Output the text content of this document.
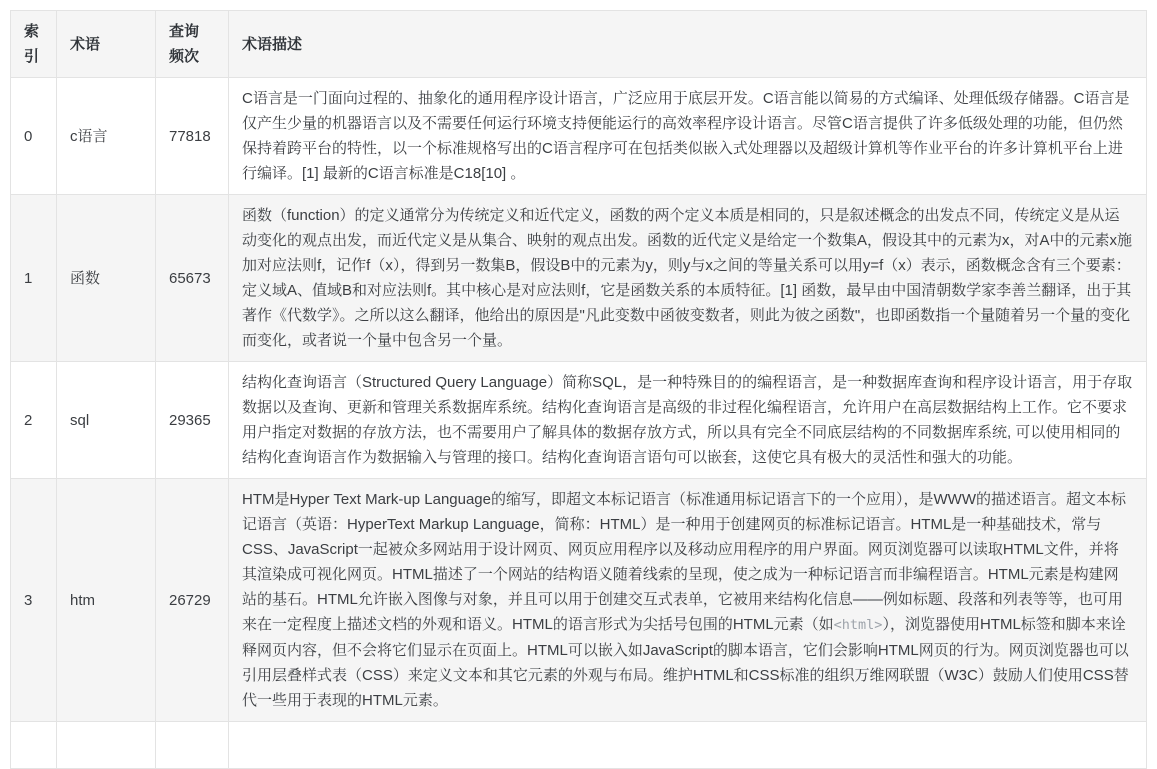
索引	术语	查询频次	术语描述
0	c语言	77818	C语言是一门面向过程的、抽象化的通用程序设计语言，广泛应用于底层开发。C语言能以简易的方式编译、处理低级存储器。C语言是仅产生少量的机器语言以及不需要任何运行环境支持便能运行的高效率程序设计语言。尽管C语言提供了许多低级处理的功能，但仍然保持着跨平台的特性，以一个标准规格写出的C语言程序可在包括类似嵌入式处理器以及超级计算机等作业平台的许多计算机平台上进行编译。[1] 最新的C语言标准是C18[10] 。
1	函数	65673	函数（function）的定义通常分为传统定义和近代定义，函数的两个定义本质是相同的，只是叙述概念的出发点不同，传统定义是从运动变化的观点出发，而近代定义是从集合、映射的观点出发。函数的近代定义是给定一个数集A，假设其中的元素为x，对A中的元素x施加对应法则f，记作f（x），得到另一数集B，假设B中的元素为y，则y与x之间的等量关系可以用y=f（x）表示，函数概念含有三个要素：定义域A、值域B和对应法则f。其中核心是对应法则f，它是函数关系的本质特征。[1] 函数，最早由中国清朝数学家李善兰翻译，出于其著作《代数学》。之所以这么翻译，他给出的原因是"凡此变数中函彼变数者，则此为彼之函数"，也即函数指一个量随着另一个量的变化而变化，或者说一个量中包含另一个量。
2	sql	29365	结构化查询语言（Structured Query Language）简称SQL，是一种特殊目的的编程语言，是一种数据库查询和程序设计语言，用于存取数据以及查询、更新和管理关系数据库系统。结构化查询语言是高级的非过程化编程语言，允许用户在高层数据结构上工作。它不要求用户指定对数据的存放方法，也不需要用户了解具体的数据存放方式，所以具有完全不同底层结构的不同数据库系统, 可以使用相同的结构化查询语言作为数据输入与管理的接口。结构化查询语言语句可以嵌套，这使它具有极大的灵活性和强大的功能。
3	htm	26729	HTM是Hyper Text Mark-up Language的缩写，即超文本标记语言（标准通用标记语言下的一个应用），是WWW的描述语言。超文本标记语言（英语：HyperText Markup Language，简称：HTML）是一种用于创建网页的标准标记语言。HTML是一种基础技术，常与CSS、JavaScript一起被众多网站用于设计网页、网页应用程序以及移动应用程序的用户界面。网页浏览器可以读取HTML文件，并将其渲染成可视化网页。HTML描述了一个网站的结构语义随着线索的呈现，使之成为一种标记语言而非编程语言。HTML元素是构建网站的基石。HTML允许嵌入图像与对象，并且可以用于创建交互式表单，它被用来结构化信息——例如标题、段落和列表等等，也可用来在一定程度上描述文档的外观和语义。HTML的语言形式为尖括号包围的HTML元素（如<html>），浏览器使用HTML标签和脚本来诠释网页内容，但不会将它们显示在页面上。HTML可以嵌入如JavaScript的脚本语言，它们会影响HTML网页的行为。网页浏览器也可以引用层叠样式表（CSS）来定义文本和其它元素的外观与布局。维护HTML和CSS标准的组织万维网联盟（W3C）鼓励人们使用CSS替代一些用于表现的HTML元素。
